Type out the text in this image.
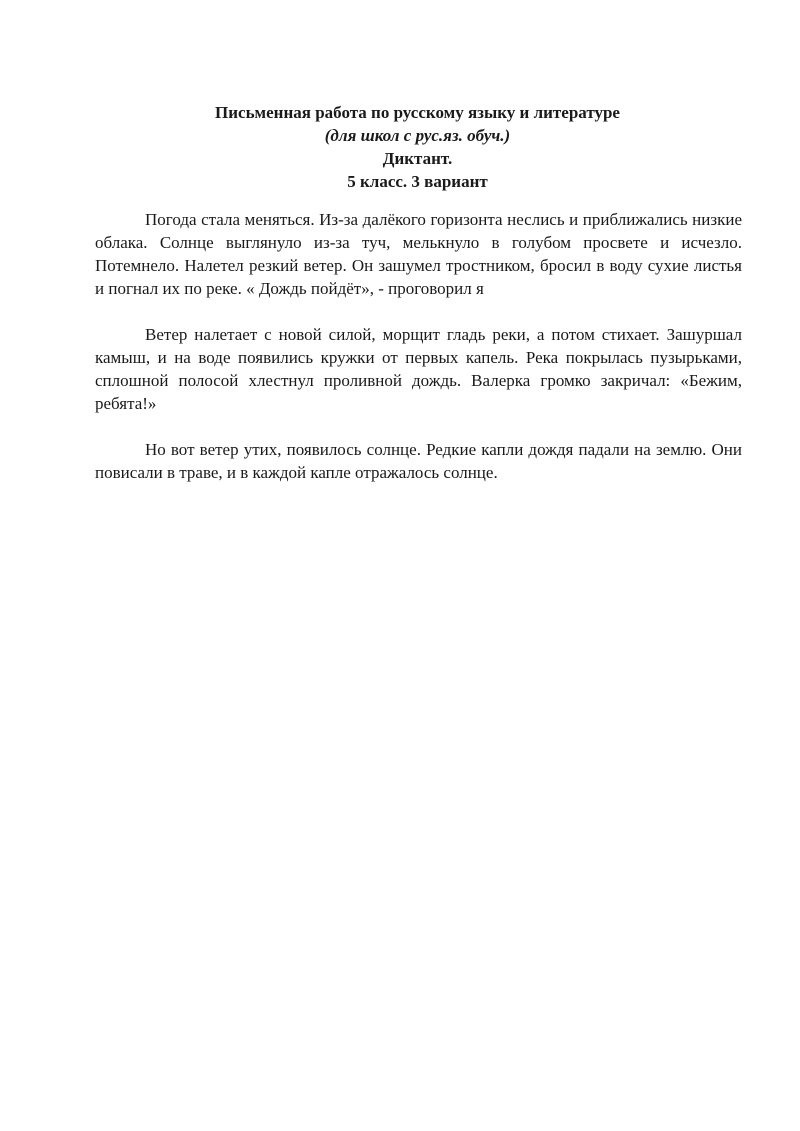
Письменная работа по русскому языку и литературе
(для школ с рус.яз. обуч.)
Диктант.
5 класс. 3 вариант

Погода стала меняться. Из-за далёкого горизонта неслись и приближались низкие облака. Солнце выглянуло из-за туч, мелькнуло в голубом просвете и исчезло. Потемнело. Налетел резкий ветер. Он зашумел тростником, бросил в воду сухие листья и погнал их по реке. « Дождь пойдёт», - проговорил я

Ветер налетает с новой силой, морщит гладь реки, а потом стихает. Зашуршал камыш, и на воде появились кружки от первых капель. Река покрылась пузырьками, сплошной полосой хлестнул проливной дождь. Валерка громко закричал: «Бежим, ребята!»

Но вот ветер утих, появилось солнце. Редкие капли дождя падали на землю. Они повисали в траве, и в каждой капле отражалось солнце.
